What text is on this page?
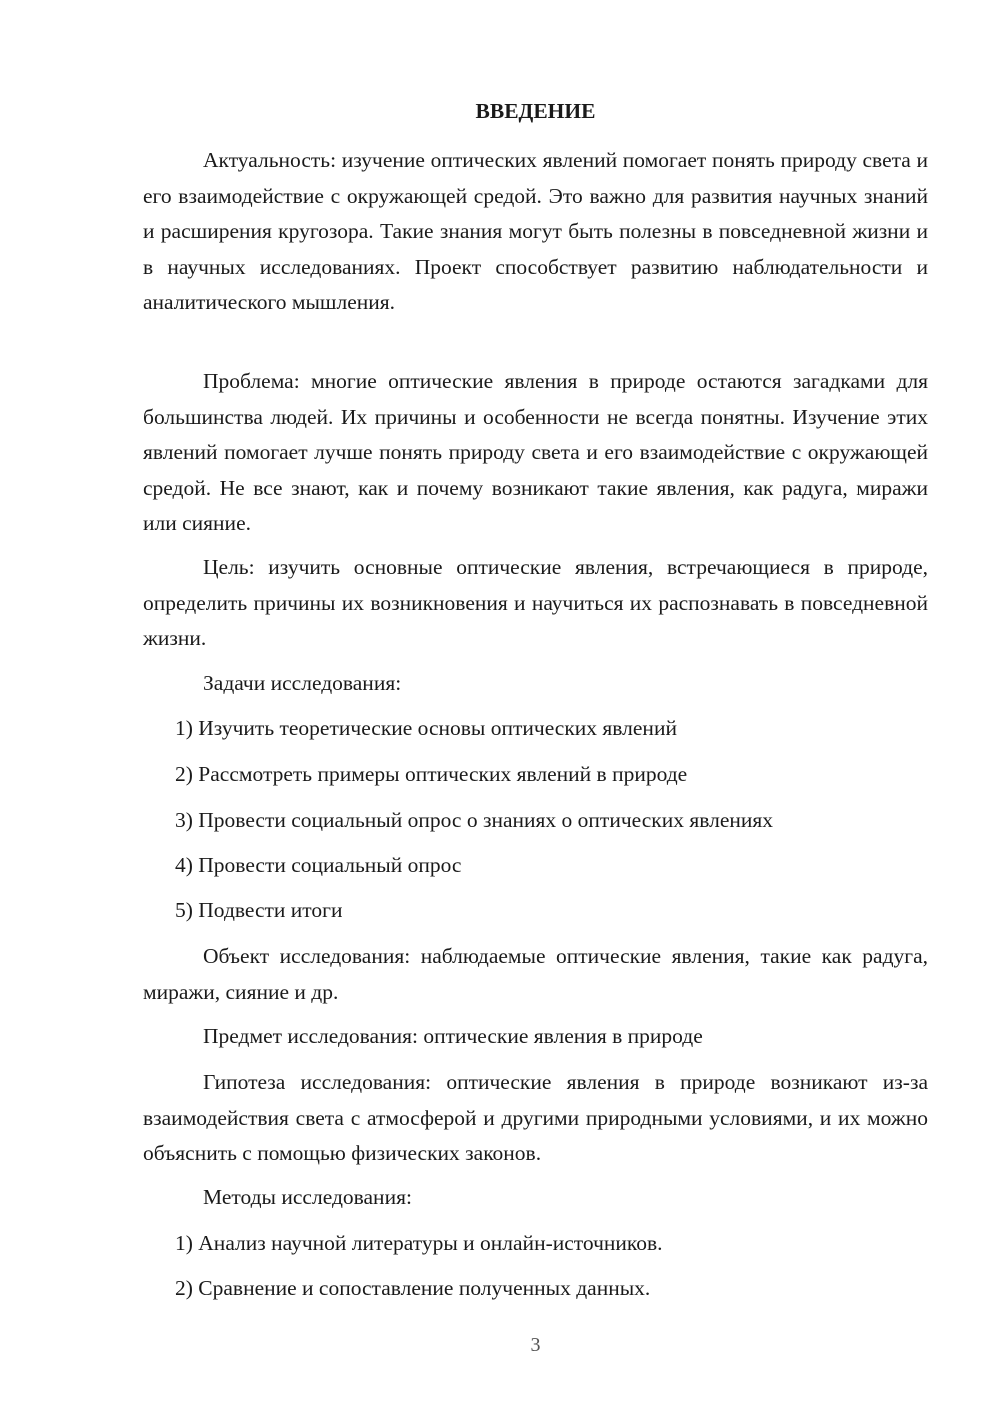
ВВЕДЕНИЕ

Актуальность: изучение оптических явлений помогает понять природу света и его взаимодействие с окружающей средой. Это важно для развития научных знаний и расширения кругозора. Такие знания могут быть полезны в повседневной жизни и в научных исследованиях. Проект способствует развитию наблюдательности и аналитического мышления.

Проблема: многие оптические явления в природе остаются загадками для большинства людей. Их причины и особенности не всегда понятны. Изучение этих явлений помогает лучше понять природу света и его взаимодействие с окружающей средой. Не все знают, как и почему возникают такие явления, как радуга, миражи или сияние.

Цель: изучить основные оптические явления, встречающиеся в природе, определить причины их возникновения и научиться их распознавать в повседневной жизни.

Задачи исследования:

1) Изучить теоретические основы оптических явлений

2) Рассмотреть примеры оптических явлений в природе

3) Провести социальный опрос о знаниях о оптических явлениях

4) Провести социальный опрос

5) Подвести итоги

Объект исследования: наблюдаемые оптические явления, такие как радуга, миражи, сияние и др.

Предмет исследования: оптические явления в природе

Гипотеза исследования: оптические явления в природе возникают из-за взаимодействия света с атмосферой и другими природными условиями, и их можно объяснить с помощью физических законов.

Методы исследования:

1) Анализ научной литературы и онлайн-источников.

2) Сравнение и сопоставление полученных данных.

3
